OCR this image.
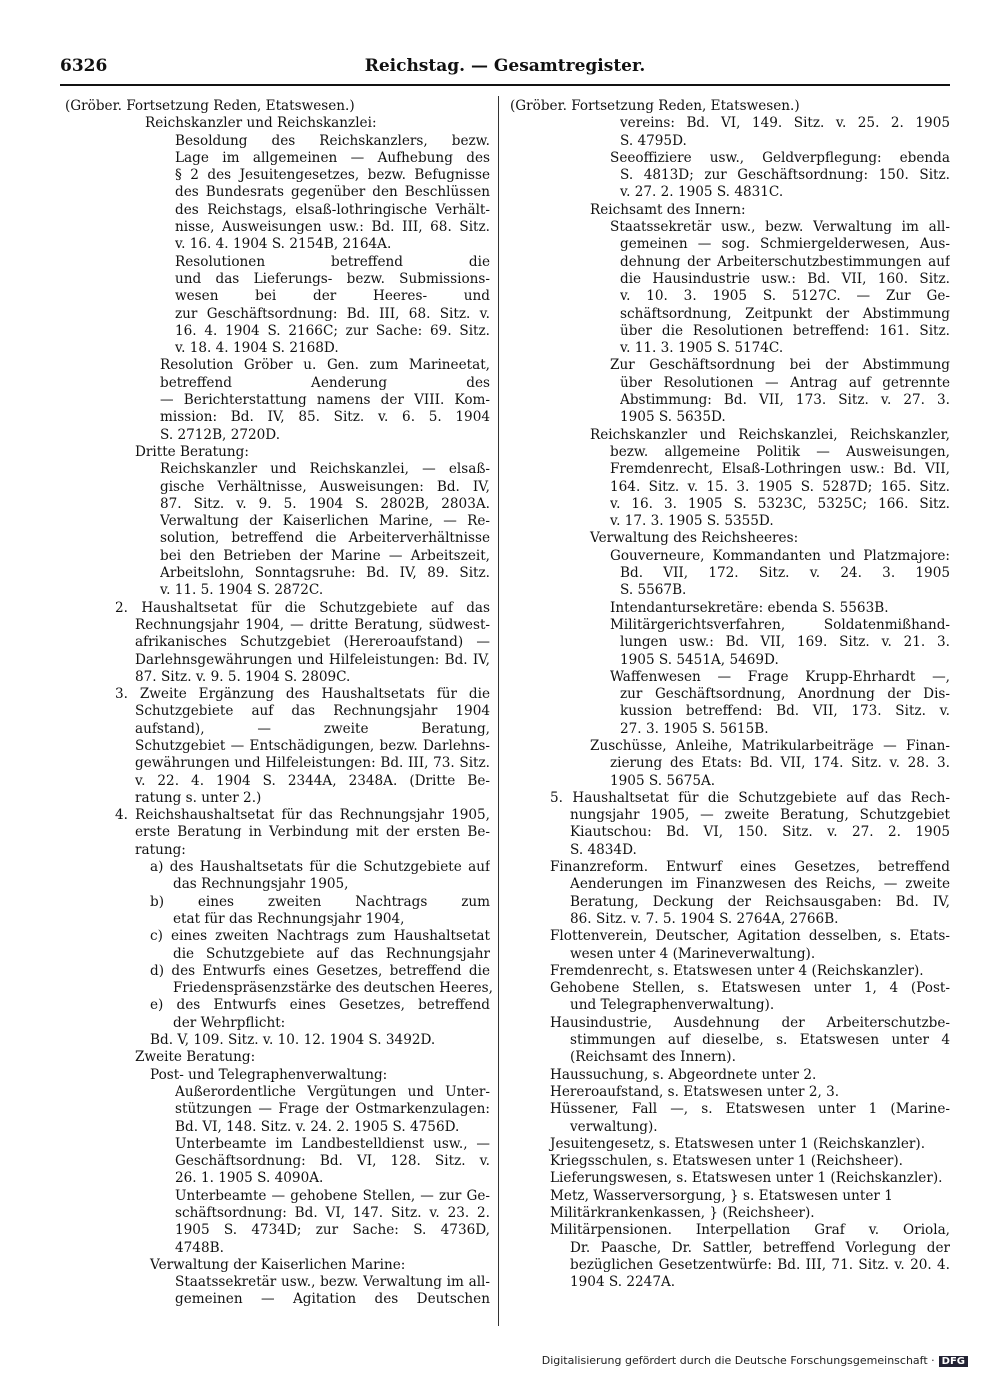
6326	Reichstag. — Gesamtregister.
(Gröber. Fortsetzung Reden, Etatswesen.)
Reichskanzler und Reichskanzlei:
Besoldung des Reichskanzlers, bezw.
Lage im allgemeinen — Aufhebung des
§ 2 des Jesuitengesetzes, bezw. Befugnisse
des Bundesrats gegenüber den Beschlüssen
des Reichstags, elsaß-lothringische Verhält-
nisse, Ausweisungen usw.: Bd. III, 68. Sitz.
v. 16. 4. 1904 S. 2154B, 2164A.
Resolutionen betreffend die
und das Lieferungs- bezw. Submissions-
wesen bei der Heeres- und
zur Geschäftsordnung: Bd. III, 68. Sitz. v.
16. 4. 1904 S. 2166C; zur Sache: 69. Sitz.
v. 18. 4. 1904 S. 2168D.
Resolution Gröber u. Gen. zum Marineetat,
betreffend Aenderung des
— Berichterstattung namens der VIII. Kom-
mission: Bd. IV, 85. Sitz. v. 6. 5. 1904
S. 2712B, 2720D.
Dritte Beratung:
Reichskanzler und Reichskanzlei, — elsaß-
gische Verhältnisse, Ausweisungen: Bd. IV,
87. Sitz. v. 9. 5. 1904 S. 2802B, 2803A.
Verwaltung der Kaiserlichen Marine, — Re-
solution, betreffend die Arbeiterverhältnisse
bei den Betrieben der Marine — Arbeitszeit,
Arbeitslohn, Sonntagsruhe: Bd. IV, 89. Sitz.
v. 11. 5. 1904 S. 2872C.
2. Haushaltsetat für die Schutzgebiete auf das
Rechnungsjahr 1904, — dritte Beratung, südwest-
afrikanisches Schutzgebiet (Hereroaufstand) —
Darlehnsgewährungen und Hilfeleistungen: Bd. IV,
87. Sitz. v. 9. 5. 1904 S. 2809C.
3. Zweite Ergänzung des Haushaltsetats für die
Schutzgebiete auf das Rechnungsjahr 1904
aufstand), — zweite Beratung,
Schutzgebiet — Entschädigungen, bezw. Darlehns-
gewährungen und Hilfeleistungen: Bd. III, 73. Sitz.
v. 22. 4. 1904 S. 2344A, 2348A. (Dritte Be-
ratung s. unter 2.)
4. Reichshaushaltsetat für das Rechnungsjahr 1905,
erste Beratung in Verbindung mit der ersten Be-
ratung:
a) des Haushaltsetats für die Schutzgebiete auf
das Rechnungsjahr 1905,
b) eines zweiten Nachtrags zum
etat für das Rechnungsjahr 1904,
c) eines zweiten Nachtrags zum Haushaltsetat
die Schutzgebiete auf das Rechnungsjahr
d) des Entwurfs eines Gesetzes, betreffend die
Friedenspräsenzstärke des deutschen Heeres,
e) des Entwurfs eines Gesetzes, betreffend
der Wehrpflicht:
Bd. V, 109. Sitz. v. 10. 12. 1904 S. 3492D.
Zweite Beratung:
Post- und Telegraphenverwaltung:
Außerordentliche Vergütungen und Unter-
stützungen — Frage der Ostmarkenzulagen:
Bd. VI, 148. Sitz. v. 24. 2. 1905 S. 4756D.
Unterbeamte im Landbestelldienst usw., —
Geschäftsordnung: Bd. VI, 128. Sitz. v.
26. 1. 1905 S. 4090A.
Unterbeamte — gehobene Stellen, — zur Ge-
schäftsordnung: Bd. VI, 147. Sitz. v. 23. 2.
1905 S. 4734D; zur Sache: S. 4736D,
4748B.
Verwaltung der Kaiserlichen Marine:
Staatssekretär usw., bezw. Verwaltung im all-
gemeinen — Agitation des Deutschen
(Gröber. Fortsetzung Reden, Etatswesen.)
vereins: Bd. VI, 149. Sitz. v. 25. 2. 1905
S. 4795D.
Seeoffiziere usw., Geldverpflegung: ebenda
S. 4813D; zur Geschäftsordnung: 150. Sitz.
v. 27. 2. 1905 S. 4831C.
Reichsamt des Innern:
Staatssekretär usw., bezw. Verwaltung im all-
gemeinen — sog. Schmiergelderwesen, Aus-
dehnung der Arbeiterschutzbestimmungen auf
die Hausindustrie usw.: Bd. VII, 160. Sitz.
v. 10. 3. 1905 S. 5127C. — Zur Ge-
schäftsordnung, Zeitpunkt der Abstimmung
über die Resolutionen betreffend: 161. Sitz.
v. 11. 3. 1905 S. 5174C.
Zur Geschäftsordnung bei der Abstimmung
über Resolutionen — Antrag auf getrennte
Abstimmung: Bd. VII, 173. Sitz. v. 27. 3.
1905 S. 5635D.
Reichskanzler und Reichskanzlei, Reichskanzler,
bezw. allgemeine Politik — Ausweisungen,
Fremdenrecht, Elsaß-Lothringen usw.: Bd. VII,
164. Sitz. v. 15. 3. 1905 S. 5287D; 165. Sitz.
v. 16. 3. 1905 S. 5323C, 5325C; 166. Sitz.
v. 17. 3. 1905 S. 5355D.
Verwaltung des Reichsheeres:
Gouverneure, Kommandanten und Platzmajore:
Bd. VII, 172. Sitz. v. 24. 3. 1905
S. 5567B.
Intendantursekretäre: ebenda S. 5563B.
Militärgerichtsverfahren, Soldatenmißhand-
lungen usw.: Bd. VII, 169. Sitz. v. 21. 3.
1905 S. 5451A, 5469D.
Waffenwesen — Frage Krupp-Ehrhardt —,
zur Geschäftsordnung, Anordnung der Dis-
kussion betreffend: Bd. VII, 173. Sitz. v.
27. 3. 1905 S. 5615B.
Zuschüsse, Anleihe, Matrikularbeiträge — Finan-
zierung des Etats: Bd. VII, 174. Sitz. v. 28. 3.
1905 S. 5675A.
5. Haushaltsetat für die Schutzgebiete auf das Rech-
nungsjahr 1905, — zweite Beratung, Schutzgebiet
Kiautschou: Bd. VI, 150. Sitz. v. 27. 2. 1905
S. 4834D.
Finanzreform. Entwurf eines Gesetzes, betreffend
Aenderungen im Finanzwesen des Reichs, — zweite
Beratung, Deckung der Reichsausgaben: Bd. IV,
86. Sitz. v. 7. 5. 1904 S. 2764A, 2766B.
Flottenverein, Deutscher, Agitation desselben, s. Etats-
wesen unter 4 (Marineverwaltung).
Fremdenrecht, s. Etatswesen unter 4 (Reichskanzler).
Gehobene Stellen, s. Etatswesen unter 1, 4 (Post-
und Telegraphenverwaltung).
Hausindustrie, Ausdehnung der Arbeiterschutzbe-
stimmungen auf dieselbe, s. Etatswesen unter 4
(Reichsamt des Innern).
Haussuchung, s. Abgeordnete unter 2.
Hereroaufstand, s. Etatswesen unter 2, 3.
Hüssener, Fall —, s. Etatswesen unter 1 (Marine-
verwaltung).
Jesuitengesetz, s. Etatswesen unter 1 (Reichskanzler).
Kriegsschulen, s. Etatswesen unter 1 (Reichsheer).
Lieferungswesen, s. Etatswesen unter 1 (Reichskanzler).
Metz, Wasserversorgung, } s. Etatswesen unter 1
Militärkrankenkassen, } (Reichsheer).
Militärpensionen. Interpellation Graf v. Oriola,
Dr. Paasche, Dr. Sattler, betreffend Vorlegung der
bezüglichen Gesetzentwürfe: Bd. III, 71. Sitz. v. 20. 4.
1904 S. 2247A.
Digitalisierung gefördert durch die Deutsche Forschungsgemeinschaft · DFG
